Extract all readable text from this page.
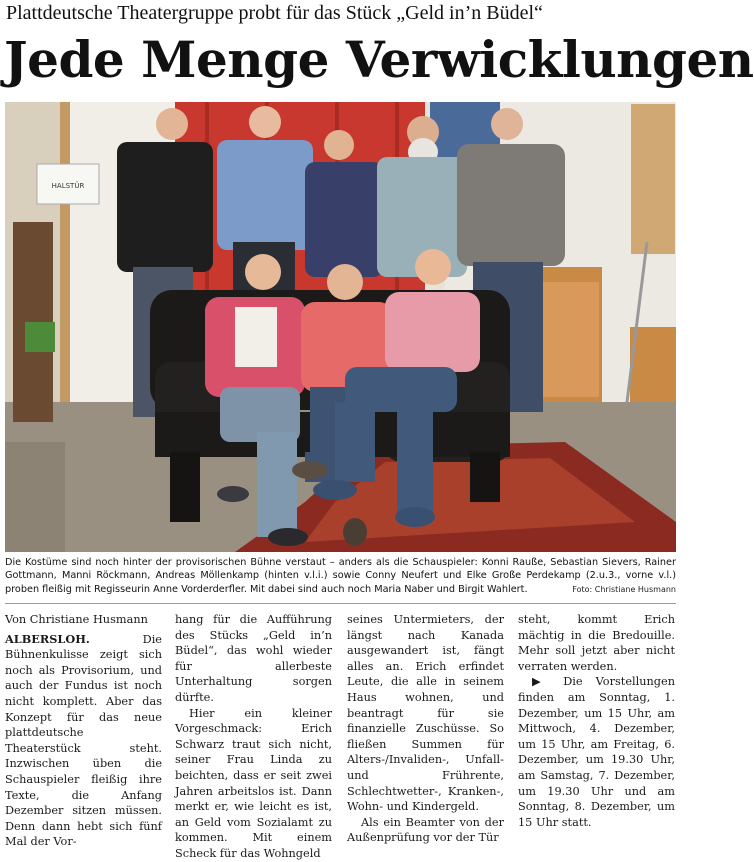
Plattdeutsche Theatergruppe probt für das Stück „Geld in’n Büdel“
Jede Menge Verwicklungen
HALSTÜR
Die Kostüme sind noch hinter der provisorischen Bühne verstaut – anders als die Schauspieler: Konni Raußе, Sebastian Sievers, Rainer Gottmann, Manni Röckmann, Andreas Möllenkamp (hinten v.l.i.) sowie Conny Neufert und Elke Große Perdekamp (2.u.3., vorne v.l.) proben fleißig mit Regisseurin Anne Vorderderfler. Mit dabei sind auch noch Maria Naber und Birgit Wahlert.	Foto: Christiane Husmann

Von Christiane Husmann

ALBERSLOH. Die Bühnenkulisse zeigt sich noch als Provisorium, und auch der Fundus ist noch nicht komplett. Aber das Konzept für das neue plattdeutsche Theaterstück steht. Inzwischen üben die Schauspieler fleißig ihre Texte, die Anfang Dezember sitzen müssen. Denn dann hebt sich fünf Mal der Vor-

hang für die Aufführung des Stücks „Geld in’n Büdel“, das wohl wieder für allerbeste Unterhaltung sorgen dürfte.

Hier ein kleiner Vorgeschmack: Erich Schwarz traut sich nicht, seiner Frau Linda zu beichten, dass er seit zwei Jahren arbeitslos ist. Dann merkt er, wie leicht es ist, an Geld vom Sozialamt zu kommen. Mit einem Scheck für das Wohngeld

seines Untermieters, der längst nach Kanada ausgewandert ist, fängt alles an. Erich erfindet Leute, die alle in seinem Haus wohnen, und beantragt für sie finanzielle Zuschüsse. So fließen Summen für Alters-/Invaliden-, Unfall- und Frührente, Schlechtwetter-, Kranken-, Wohn- und Kindergeld.

Als ein Beamter von der Außenprüfung vor der Tür

steht, kommt Erich mächtig in die Bredouille. Mehr soll jetzt aber nicht verraten werden.

▶ Die Vorstellungen finden am Sonntag, 1. Dezember, um 15 Uhr, am Mittwoch, 4. Dezember, um 15 Uhr, am Freitag, 6. Dezember, um 19.30 Uhr, am Samstag, 7. Dezember, um 19.30 Uhr und am Sonntag, 8. Dezember, um 15 Uhr statt.
